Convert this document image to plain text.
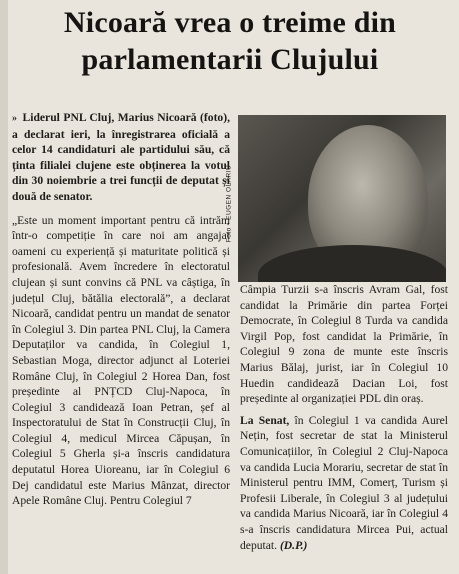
Nicoară vrea o treime din parlamentarii Clujului

» Liderul PNL Cluj, Marius Nicoară (foto), a declarat ieri, la înregistrarea oficială a celor 14 candidaturi ale partidului său, că ținta filialei clujene este obținerea la votul din 30 noiembrie a trei funcții de deputat și două de senator.

„Este un moment important pentru că intrăm într-o competiție în care noi am angajat oameni cu experiență și maturitate politică și profesională. Avem încredere în electoratul clujean și sunt convins că PNL va câștiga, în județul Cluj, bătălia electorală”, a declarat Nicoară, candidat pentru un mandat de senator în Colegiul 3. Din partea PNL Cluj, la Camera Deputaților va candida, în Colegiul 1, Sebastian Moga, director adjunct al Loteriei Române Cluj, în Colegiul 2 Horea Dan, fost președinte al PNȚCD Cluj-Napoca, în Colegiul 3 candidează Ioan Petran, șef al Inspectoratului de Stat în Construcții Cluj, în Colegiul 4, medicul Mircea Căpușan, în Colegiul 5 Gherla și-a înscris candidatura deputatul Horea Uioreanu, iar în Colegiul 6 Dej candidatul este Marius Mânzat, director Apele Române Cluj. Pentru Colegiul 7

Foto • EUGEN OLARIU

Câmpia Turzii s-a înscris Avram Gal, fost candidat la Primărie din partea Forței Democrate, în Colegiul 8 Turda va candida Virgil Pop, fost candidat la Primărie, în Colegiul 9 zona de munte este înscris Marius Bălaj, jurist, iar în Colegiul 10 Huedin candidează Dacian Loi, fost președinte al organizației PDL din oraș.

La Senat, în Colegiul 1 va candida Aurel Nețin, fost secretar de stat la Ministerul Comunicațiilor, în Colegiul 2 Cluj-Napoca va candida Lucia Morariu, secretar de stat în Ministerul pentru IMM, Comerț, Turism și Profesii Liberale, în Colegiul 3 al județului va candida Marius Nicoară, iar în Colegiul 4 s-a înscris candidatura Mircea Pui, actual deputat. (D.P.)
